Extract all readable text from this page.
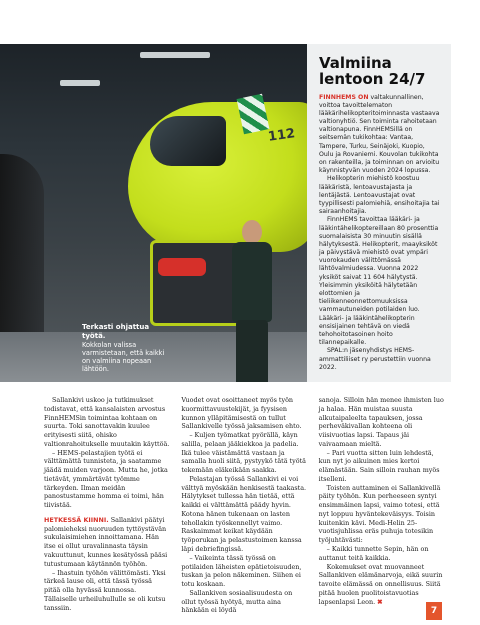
112
Terkasti ohjattua työtä.
Kokkolan valissa varmistetaan, että kaikki on valmiina nopeaan lähtöön.
Valmiina lentoon 24/7

FINNHEMS ON valtakunnallinen, voittoa tavoittelematon lääkärihelikopteritoiminnasta vastaava valtionyhtiö. Sen toiminta rahoitetaan valtionapuna. FinnHEMSillä on seitsemän tukikohtaa: Vantaa, Tampere, Turku, Seinäjoki, Kuopio, Oulu ja Rovaniemi. Kouvolan tukikohta on rakenteilla, ja toiminnan on arvioitu käynnistyvän vuoden 2024 lopussa.

Helikopterin miehistö koostuu lääkäristä, lentoavustajasta ja lentäjästä. Lentoavustajat ovat tyypillisesti palomiehiä, ensihoitajia tai sairaanhoitajia.

FinnHEMS tavoittaa lääkäri- ja lääkintähelikoptereillaan 80 prosenttia suomalaisista 30 minuutin sisällä hälytyksestä. Helikopterit, maayksiköt ja päivystävä miehistö ovat ympäri vuorokauden välittömässä lähtövalmiudessa. Vuonna 2022 yksiköt saivat 11 604 hälytystä. Yleisimmin yksiköitä hälytetään elottomien ja tieliikenneonnettomuuksissa vammautuneiden potilaiden luo. Lääkäri- ja lääkintähelikopterin ensisijainen tehtävä on viedä tehohoitotasoinen hoito tilannepaikalle.

SPAL:n jäsenyhdistys HEMS-ammattiliiset ry perustettiin vuonna 2022.

Sallankivi uskoo ja tutkimukset todistavat, että kansalaisten arvostus FinnHEMSin toimintaa kohtaan on suurta. Toki sanottavakin kuulee erityisesti siitä, ohisko valtionrahoitukselle muutakin käyttöä.

– HEMS-pelastajien työtä ei välttämättä tunnisteta, ja saatamme jäädä muiden varjoon. Mutta he, jotka tietävät, ymmärtävät työmme tärkeyden. Ilman meidän panostustamme homma ei toimi, hän tiivistää.

HETKESSÄ KIINNI. Sallankivi päätyi palomieheksi nuoruuden tyttöystävän sukulaisimiehen innoittamana. Hän itse ei ollut uravalinnasta täysin vakuuttunut, kunnes kesätyössä pääsi tutustumaan käytännön työhön.

– Ihastuin työhön välittömästi. Yksi tärkeä lause oli, että tässä työssä pitää olla hyvässä kunnossa. Tällaiselle urheiluhullulle se oli kutsu tanssiin.

Vuodet ovat osoittaneet myös työn kuormittavuustekijät, ja fyysisen kunnon ylläpitämisestä on tullut Sallankivelle työssä jaksamisen ehto.

– Kuljen työmatkat pyörällä, käyn salilla, pelaan jääkiekkoa ja padelia. Ikä tulee väistämättä vastaan ja samalla huoli siitä, pystyykö tätä työtä tekemään eläkeikään saakka.

Pelastajan työssä Sallankivi ei voi välttyä myöskään henkisestä taakasta. Hälytykset tullessa hän tietää, että kaikki ei välttämättä päädy hyvin. Kotona hänen tukenaan on lasten tehollakin työskennellyt vaimo. Raskaimmat keikat käydään työporukan ja pelastustoimen kanssa läpi debriefingissä.

– Vaikeinta tässä työssä on potilaiden läheisten epätietoisuuden, tuskan ja pelon näkeminen. Siihen ei totu koskaan.

Sallankiven sosiaalisuudesta on ollut työssä hyötyä, mutta aina hänkään ei löydä

sanoja. Silloin hän menee ihmisten luo ja halaa. Hän muistaa suusta alkutaipaleelta tapauksen, jossa perheväkivallan kohteena oli viisivuotias lapsi. Tapaus jäi vaivaamaan mieltä.

– Pari vuotta sitten luin lehdestä, kun nyt jo aikuinen mies kertoi elämästään. Sain silloin rauhan myös itselleni.

Toisten auttaminen ei Sallankivellä päity työhön. Kun perheeseen syntyi ensimmäinen lapsi, vaimo totesi, että nyt loppuu hyväntekeväisyys. Toisin kuitenkin kävi. Medi-Helin 25-vuotisjuhlissa eräs puhuja totesikin työjuhtävästi:

– Kaikki tunnette Sepin, hän on auttanut teitä kaikkia.

Kokemukset ovat muovanneet Sallankiven elämänarvoja, eikä suurin tavoite elämässä on onnellisuus. Siitä pitää huolen puolitoistavuotias lapsenlapsi Leon. ✖

7
